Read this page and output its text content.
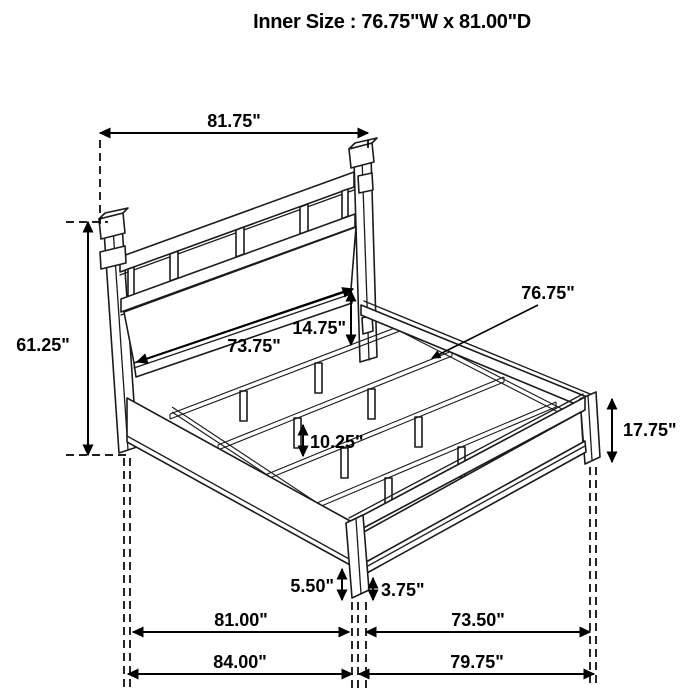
81.75"
61.25"	73.75"
14.75"
76.75"
17.75"
10.25"
5.50"	3.75"
81.00"	73.50"
84.00"	79.75"
Inner Size : 76.75"W x 81.00"D
